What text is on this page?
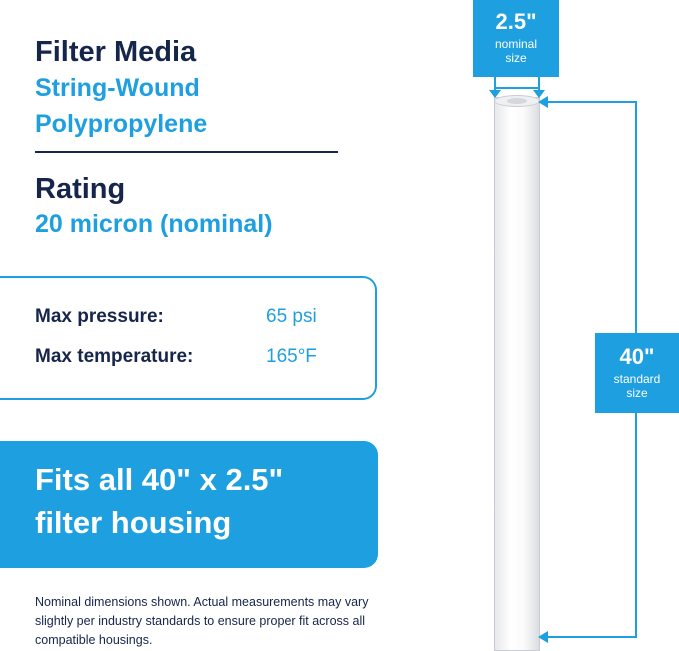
Filter Media
String-Wound
Polypropylene
Rating
20 micron (nominal)
Max pressure:	65 psi
Max temperature:	165°F
Fits all 40" x 2.5"
filter housing
Nominal dimensions shown. Actual measurements may vary slightly per industry standards to ensure proper fit across all compatible housings.
2.5"
nominal
size
40"
standard
size
